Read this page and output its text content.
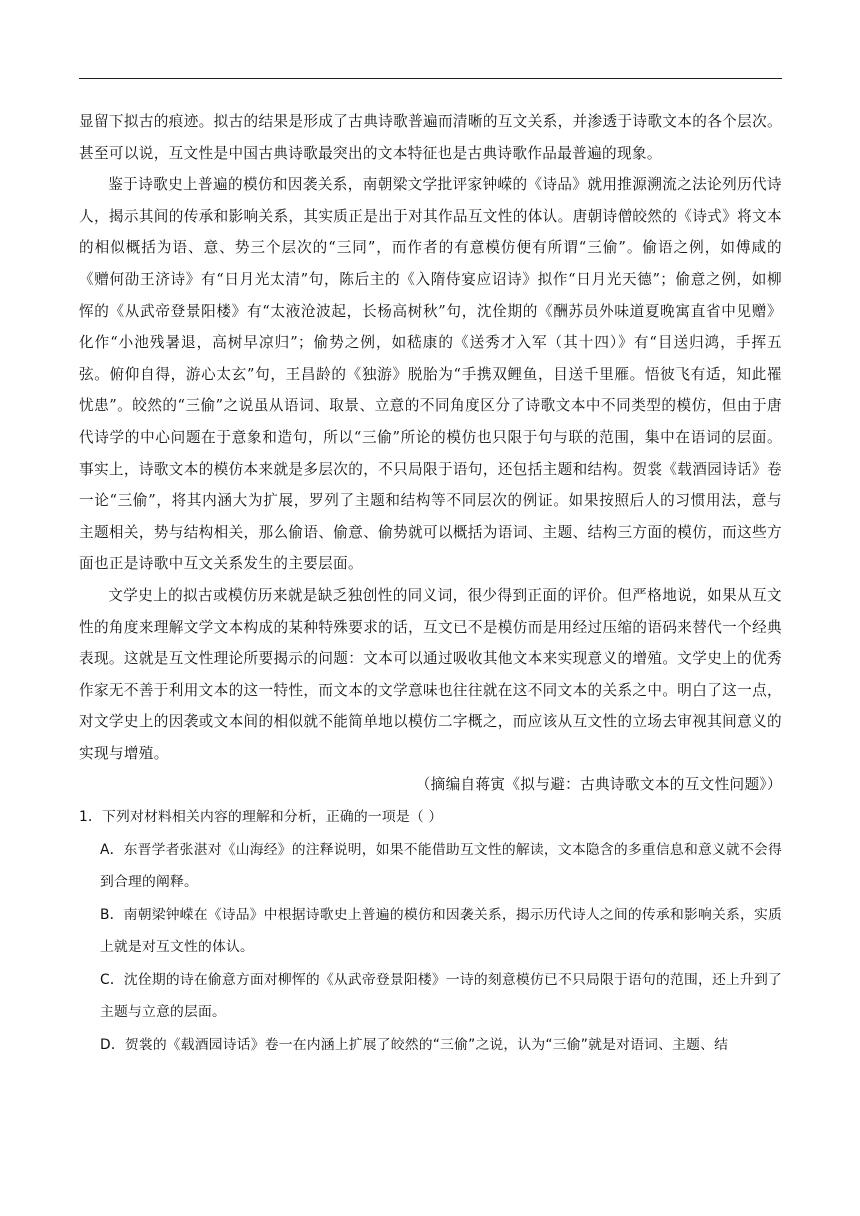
显留下拟古的痕迹。拟古的结果是形成了古典诗歌普遍而清晰的互文关系，并渗透于诗歌文本的各个层次。甚至可以说，互文性是中国古典诗歌最突出的文本特征也是古典诗歌作品最普遍的现象。

鉴于诗歌史上普遍的模仿和因袭关系，南朝梁文学批评家钟嵘的《诗品》就用推源溯流之法论列历代诗人，揭示其间的传承和影响关系，其实质正是出于对其作品互文性的体认。唐朝诗僧皎然的《诗式》将文本的相似概括为语、意、势三个层次的“三同”，而作者的有意模仿便有所谓“三偷”。偷语之例，如傅咸的《赠何劭王济诗》有“日月光太清”句，陈后主的《入隋侍宴应诏诗》拟作“日月光天德”；偷意之例，如柳恽的《从武帝登景阳楼》有“太液沧波起，长杨高树秋”句，沈佺期的《酬苏员外味道夏晚寓直省中见赠》化作“小池残暑退，高树早凉归”；偷势之例，如嵇康的《送秀才入军（其十四）》有“目送归鸿，手挥五弦。俯仰自得，游心太玄”句，王昌龄的《独游》脱胎为“手携双鲤鱼，目送千里雁。悟彼飞有适，知此罹忧患”。皎然的“三偷”之说虽从语词、取景、立意的不同角度区分了诗歌文本中不同类型的模仿，但由于唐代诗学的中心问题在于意象和造句，所以“三偷”所论的模仿也只限于句与联的范围，集中在语词的层面。事实上，诗歌文本的模仿本来就是多层次的，不只局限于语句，还包括主题和结构。贺裳《载酒园诗话》卷一论“三偷”，将其内涵大为扩展，罗列了主题和结构等不同层次的例证。如果按照后人的习惯用法，意与主题相关，势与结构相关，那么偷语、偷意、偷势就可以概括为语词、主题、结构三方面的模仿，而这些方面也正是诗歌中互文关系发生的主要层面。

文学史上的拟古或模仿历来就是缺乏独创性的同义词，很少得到正面的评价。但严格地说，如果从互文性的角度来理解文学文本构成的某种特殊要求的话，互文已不是模仿而是用经过压缩的语码来替代一个经典表现。这就是互文性理论所要揭示的问题：文本可以通过吸收其他文本来实现意义的增殖。文学史上的优秀作家无不善于利用文本的这一特性，而文本的文学意味也往往就在这不同文本的关系之中。明白了这一点，对文学史上的因袭或文本间的相似就不能简单地以模仿二字概之，而应该从互文性的立场去审视其间意义的实现与增殖。

（摘编自蒋寅《拟与避：古典诗歌文本的互文性问题》）

1．下列对材料相关内容的理解和分析，正确的一项是（ ）

A．东晋学者张湛对《山海经》的注释说明，如果不能借助互文性的解读，文本隐含的多重信息和意义就不会得到合理的阐释。

B．南朝梁钟嵘在《诗品》中根据诗歌史上普遍的模仿和因袭关系，揭示历代诗人之间的传承和影响关系，实质上就是对互文性的体认。

C．沈佺期的诗在偷意方面对柳恽的《从武帝登景阳楼》一诗的刻意模仿已不只局限于语句的范围，还上升到了主题与立意的层面。

D．贺裳的《载酒园诗话》卷一在内涵上扩展了皎然的“三偷”之说，认为“三偷”就是对语词、主题、结
